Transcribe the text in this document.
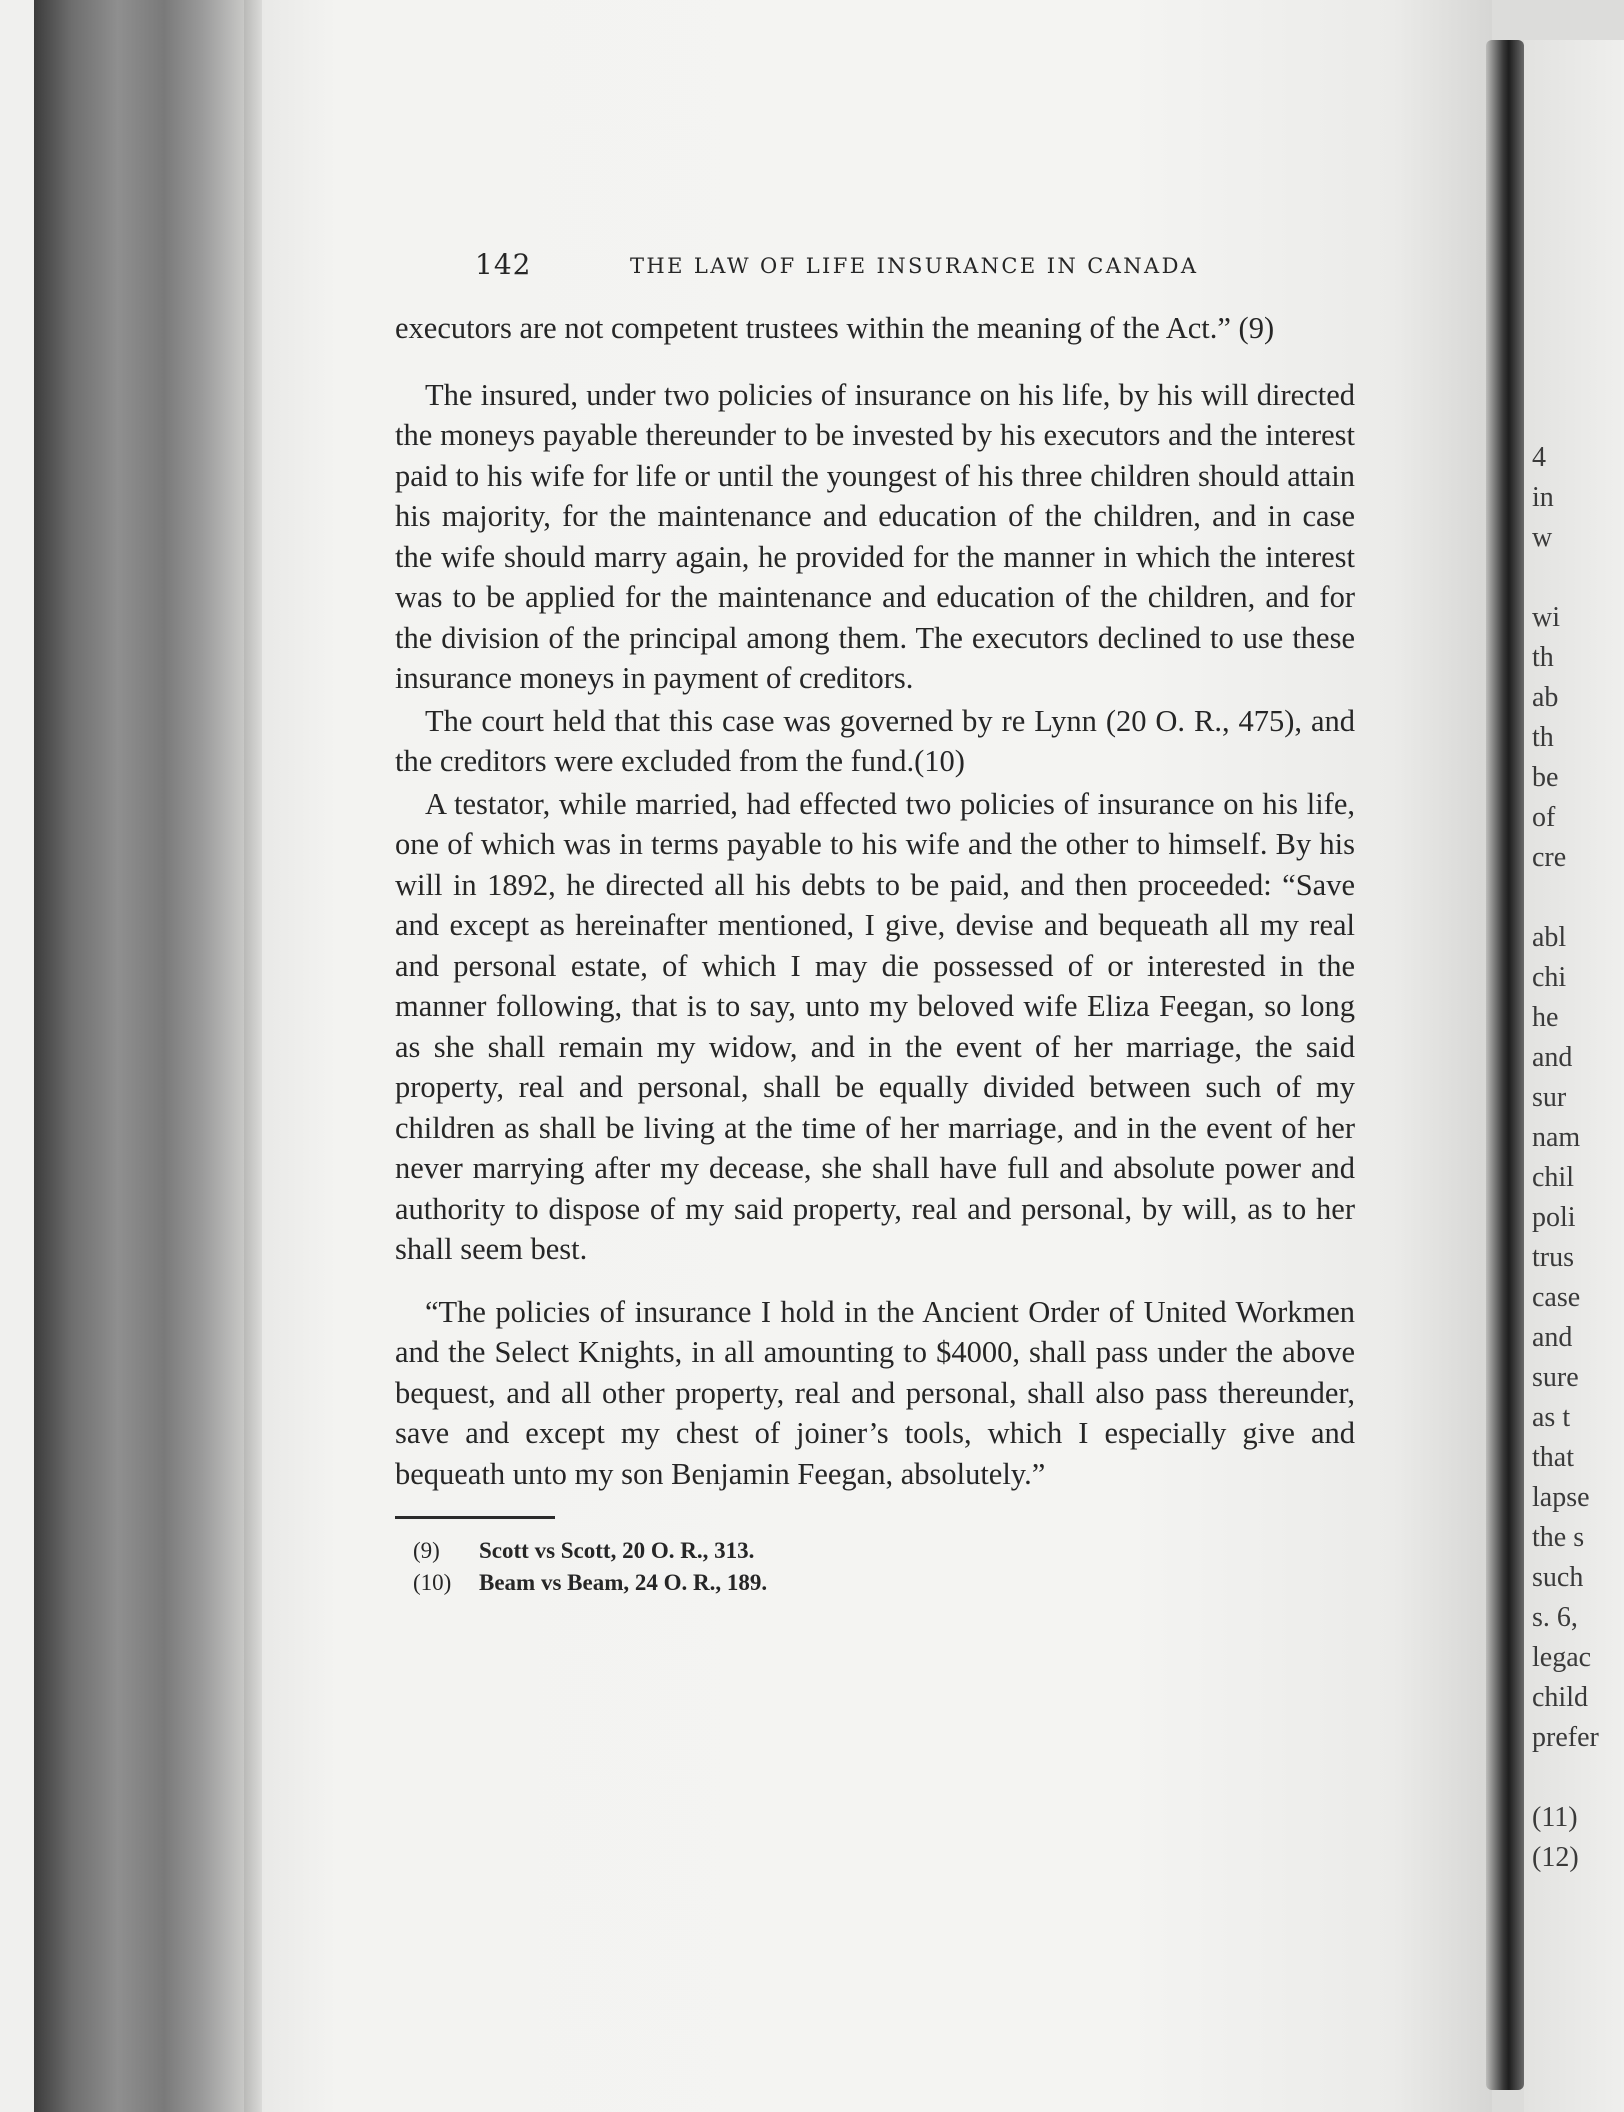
142	THE LAW OF LIFE INSURANCE IN CANADA

executors are not competent trustees within the meaning of the Act.” (9)

The insured, under two policies of insurance on his life, by his will directed the moneys payable thereunder to be invested by his executors and the interest paid to his wife for life or until the youngest of his three children should attain his majority, for the maintenance and education of the children, and in case the wife should marry again, he provided for the manner in which the interest was to be applied for the maintenance and education of the children, and for the division of the principal among them. The executors declined to use these insurance moneys in payment of creditors.

The court held that this case was governed by re Lynn (20 O. R., 475), and the creditors were excluded from the fund.(10)

A testator, while married, had effected two policies of insurance on his life, one of which was in terms payable to his wife and the other to himself. By his will in 1892, he directed all his debts to be paid, and then proceeded: “Save and except as hereinafter mentioned, I give, devise and bequeath all my real and personal estate, of which I may die possessed of or interested in the manner following, that is to say, unto my beloved wife Eliza Feegan, so long as she shall remain my widow, and in the event of her marriage, the said property, real and personal, shall be equally divided between such of my children as shall be living at the time of her marriage, and in the event of her never marrying after my decease, she shall have full and absolute power and authority to dispose of my said property, real and personal, by will, as to her shall seem best.

“The policies of insurance I hold in the Ancient Order of United Workmen and the Select Knights, in all amounting to $4000, shall pass under the above bequest, and all other property, real and personal, shall also pass thereunder, save and except my chest of joiner’s tools, which I especially give and bequeath unto my son Benjamin Feegan, absolutely.”

(9)	Scott vs Scott, 20 O. R., 313.
(10)	Beam vs Beam, 24 O. R., 189.
4
in
w
wi
th
ab
th
be
of
cre
abl
chi
he
and
sur
nam
chil
poli
trus
case
and
sure
as t
that
lapse
the s
such
s. 6,
legac
child
prefer
(11)
(12)
